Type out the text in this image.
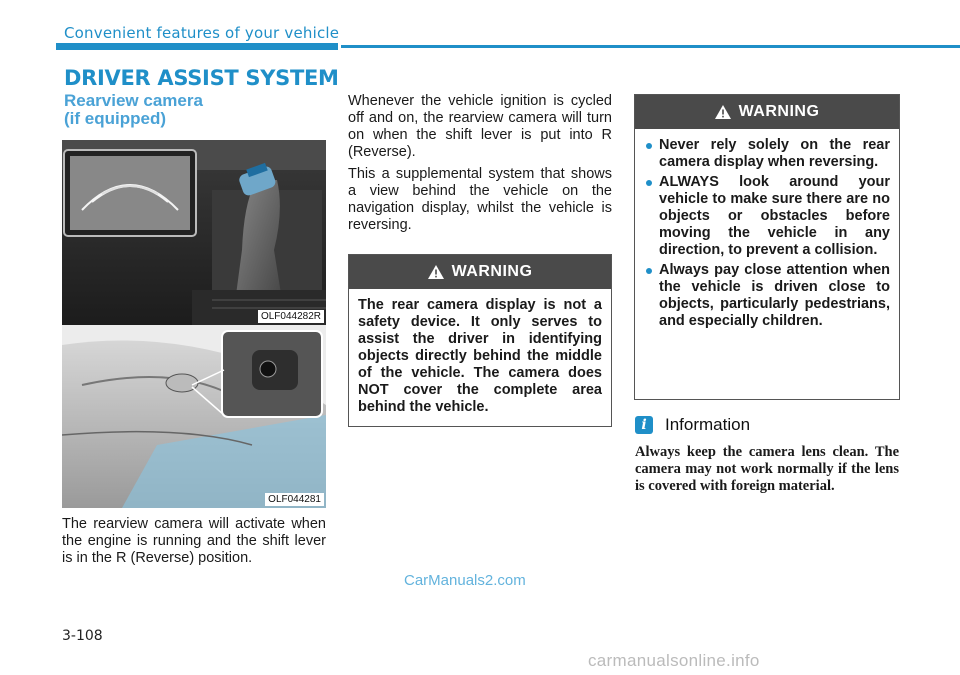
Convenient features of your vehicle
DRIVER ASSIST SYSTEM
Rearview camera
(if equipped)
OLF044282R
OLF044281
The rearview camera will activate when the engine is running and the shift lever is in the R (Reverse) position.
Whenever the vehicle ignition is cycled off and on, the rearview camera will turn on when the shift lever is put into R (Reverse).
This a supplemental system that shows a view behind the vehicle on the navigation display, whilst the vehicle is reversing.
WARNING
The rear camera display is not a safety device. It only serves to assist the driver in identifying objects directly behind the middle of the vehicle. The camera does NOT cover the complete area behind the vehicle.
WARNING
Never rely solely on the rear camera display when reversing.
ALWAYS look around your vehicle to make sure there are no objects or obstacles before moving the vehicle in any direction, to prevent a collision.
Always pay close attention when the vehicle is driven close to objects, particularly pedestrians, and especially children.
i	Information
Always keep the camera lens clean. The camera may not work normally if the lens is covered with foreign material.
CarManuals2.com
3-108
carmanualsonline.info
